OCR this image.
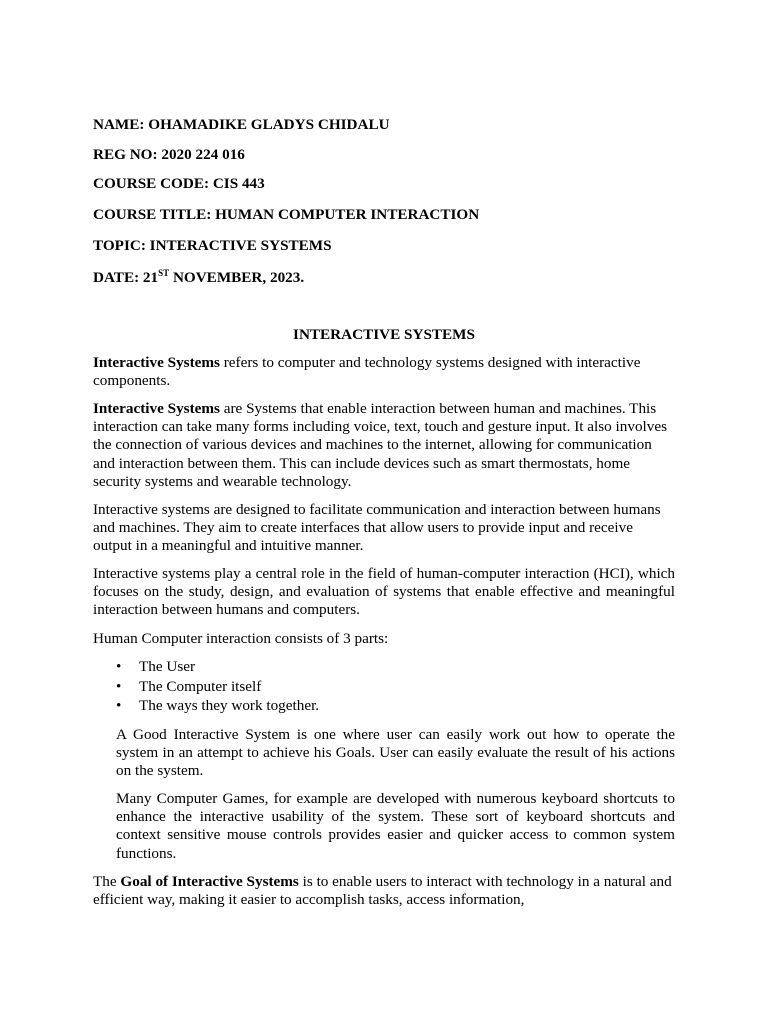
NAME: OHAMADIKE GLADYS CHIDALU
REG NO: 2020 224 016
COURSE CODE: CIS 443
COURSE TITLE: HUMAN COMPUTER INTERACTION
TOPIC: INTERACTIVE SYSTEMS
DATE: 21ST NOVEMBER, 2023.
INTERACTIVE SYSTEMS

Interactive Systems refers to computer and technology systems designed with interactive components.

Interactive Systems are Systems that enable interaction between human and machines. This interaction can take many forms including voice, text, touch and gesture input. It also involves the connection of various devices and machines to the internet, allowing for communication and interaction between them. This can include devices such as smart thermostats, home security systems and wearable technology.

Interactive systems are designed to facilitate communication and interaction between humans and machines. They aim to create interfaces that allow users to provide input and receive output in a meaningful and intuitive manner.

Interactive systems play a central role in the field of human-computer interaction (HCI), which focuses on the study, design, and evaluation of systems that enable effective and meaningful interaction between humans and computers.

Human Computer interaction consists of 3 parts:

• The User
• The Computer itself
• The ways they work together.

A Good Interactive System is one where user can easily work out how to operate the system in an attempt to achieve his Goals. User can easily evaluate the result of his actions on the system.

Many Computer Games, for example are developed with numerous keyboard shortcuts to enhance the interactive usability of the system. These sort of keyboard shortcuts and context sensitive mouse controls provides easier and quicker access to common system functions.

The Goal of Interactive Systems is to enable users to interact with technology in a natural and efficient way, making it easier to accomplish tasks, access information,
